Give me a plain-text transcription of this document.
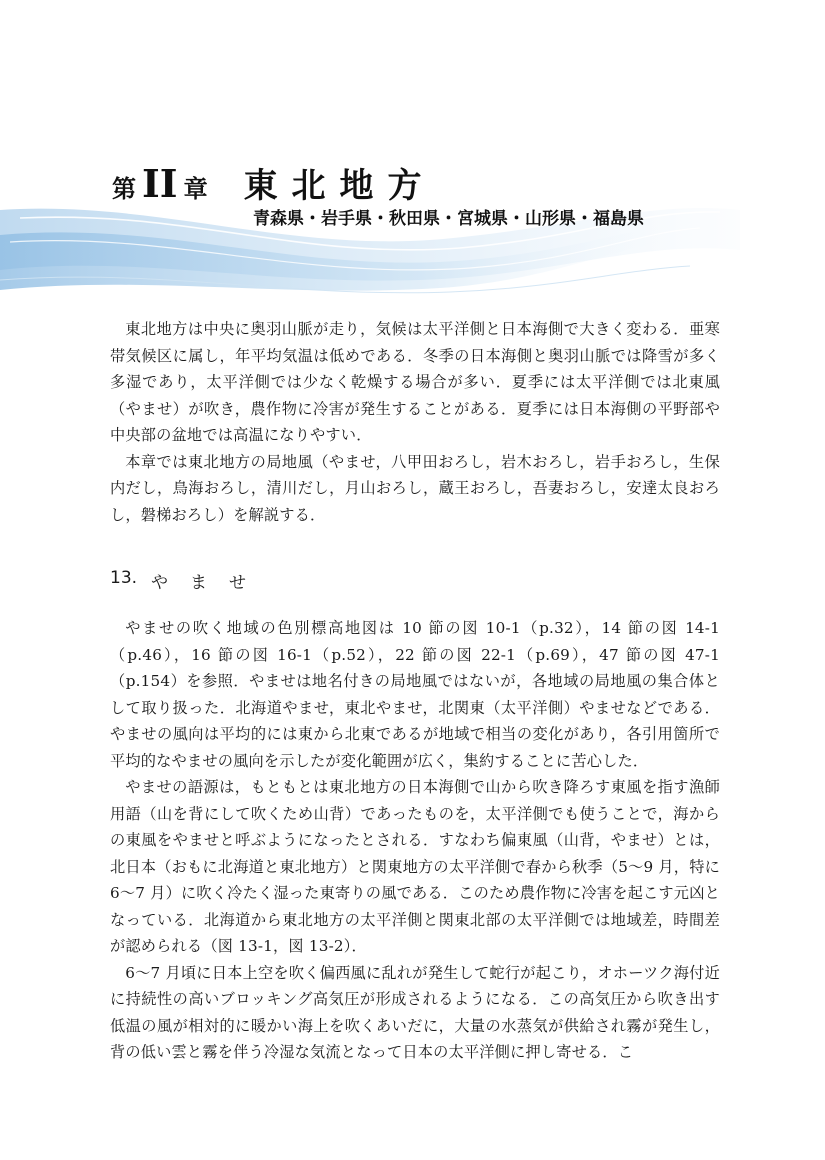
第 II 章 東北地方
青森県・岩手県・秋田県・宮城県・山形県・福島県

東北地方は中央に奥羽山脈が走り，気候は太平洋側と日本海側で大きく変わる．亜寒帯気候区に属し，年平均気温は低めである．冬季の日本海側と奥羽山脈では降雪が多く多湿であり，太平洋側では少なく乾燥する場合が多い．夏季には太平洋側では北東風（やませ）が吹き，農作物に冷害が発生することがある．夏季には日本海側の平野部や中央部の盆地では高温になりやすい．

本章では東北地方の局地風（やませ，八甲田おろし，岩木おろし，岩手おろし，生保内だし，鳥海おろし，清川だし，月山おろし，蔵王おろし，吾妻おろし，安達太良おろし，磐梯おろし）を解説する．

13. やませ

やませの吹く地域の色別標高地図は 10 節の図 10-1（p.32），14 節の図 14-1（p.46），16 節の図 16-1（p.52），22 節の図 22-1（p.69），47 節の図 47-1（p.154）を参照．やませは地名付きの局地風ではないが，各地域の局地風の集合体として取り扱った．北海道やませ，東北やませ，北関東（太平洋側）やませなどである．やませの風向は平均的には東から北東であるが地域で相当の変化があり，各引用箇所で平均的なやませの風向を示したが変化範囲が広く，集約することに苦心した．

やませの語源は，もともとは東北地方の日本海側で山から吹き降ろす東風を指す漁師用語（山を背にして吹くため山背）であったものを，太平洋側でも使うことで，海からの東風をやませと呼ぶようになったとされる．すなわち偏東風（山背，やませ）とは，北日本（おもに北海道と東北地方）と関東地方の太平洋側で春から秋季（5～9 月，特に 6～7 月）に吹く冷たく湿った東寄りの風である．このため農作物に冷害を起こす元凶となっている．北海道から東北地方の太平洋側と関東北部の太平洋側では地域差，時間差が認められる（図 13-1，図 13-2）．

6～7 月頃に日本上空を吹く偏西風に乱れが発生して蛇行が起こり，オホーツク海付近に持続性の高いブロッキング高気圧が形成されるようになる．この高気圧から吹き出す低温の風が相対的に暖かい海上を吹くあいだに，大量の水蒸気が供給され霧が発生し，背の低い雲と霧を伴う冷湿な気流となって日本の太平洋側に押し寄せる．こ
